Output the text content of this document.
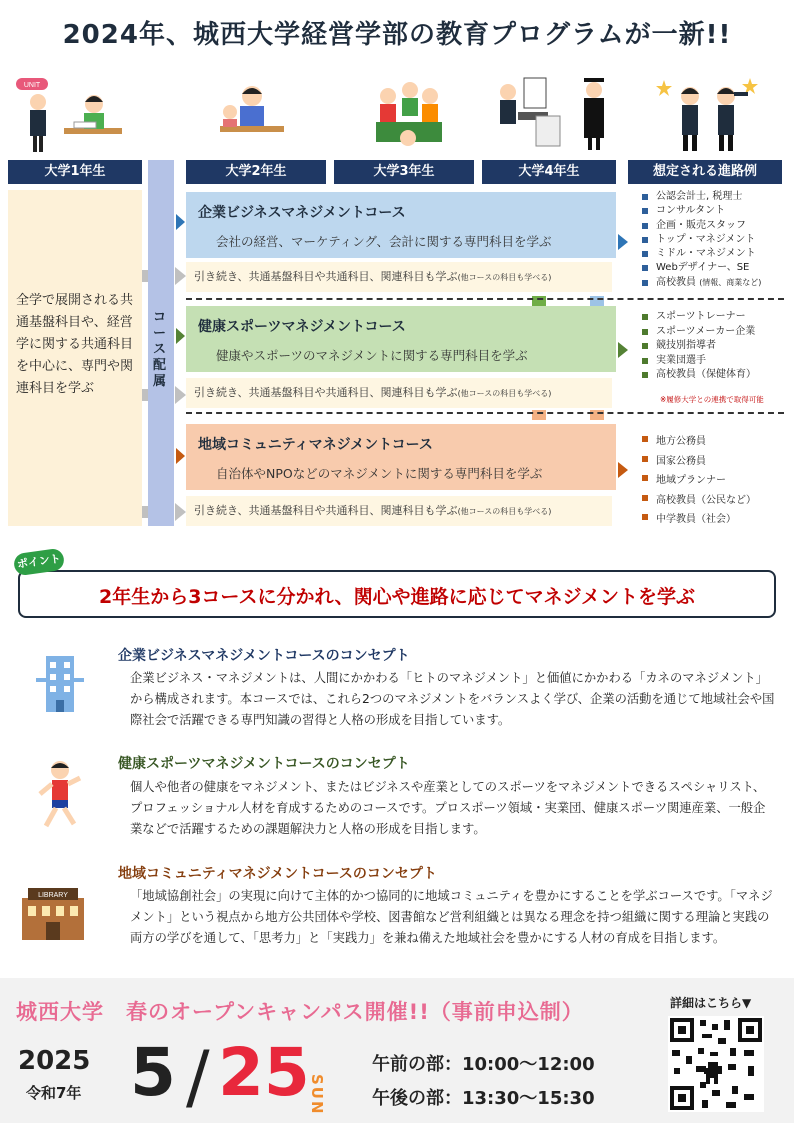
2024年、城西大学経営学部の教育プログラムが一新!!
UNIT
大学1年生	大学2年生	大学3年生	大学4年生	想定される進路例
全学で展開される共通基盤科目や、経営学に関する共通科目を中心に、専門や関連科目を学ぶ
コース配属
企業ビジネスマネジメントコース
会社の経営、マーケティング、会計に関する専門科目を学ぶ
引き続き、共通基盤科目や共通科目、関連科目も学ぶ(他コースの科目も学べる)
健康スポーツマネジメントコース
健康やスポーツのマネジメントに関する専門科目を学ぶ
引き続き、共通基盤科目や共通科目、関連科目も学ぶ(他コースの科目も学べる)
地域コミュニティマネジメントコース
自治体やNPOなどのマネジメントに関する専門科目を学ぶ
引き続き、共通基盤科目や共通科目、関連科目も学ぶ(他コースの科目も学べる)
公認会計士, 税理士
コンサルタント
企画・販売スタッフ
トップ・マネジメント
ミドル・マネジメント
Webデザイナー、SE
高校教員 (情報、商業など)
スポーツトレーナー
スポーツメーカー企業
競技別指導者
実業団選手
高校教員（保健体育）
※履修大学との連携で取得可能
地方公務員
国家公務員
地域プランナー
高校教員（公民など）
中学教員（社会）
2年生から3コースに分かれ、関心や進路に応じてマネジメントを学ぶ
ポイント
企業ビジネスマネジメントコースのコンセプト
企業ビジネス・マネジメントは、人間にかかわる「ヒトのマネジメント」と価値にかかわる「カネのマネジメント」から構成されます。本コースでは、これら2つのマネジメントをバランスよく学び、企業の活動を通じて地域社会や国際社会で活躍できる専門知識の習得と人格の形成を目指しています。
健康スポーツマネジメントコースのコンセプト
個人や他者の健康をマネジメント、またはビジネスや産業としてのスポーツをマネジメントできるスペシャリスト、プロフェッショナル人材を育成するためのコースです。プロスポーツ領域・実業団、健康スポーツ関連産業、一般企業などで活躍するための課題解決力と人格の形成を目指します。
LIBRARY
地域コミュニティマネジメントコースのコンセプト
「地域協創社会」の実現に向けて主体的かつ協同的に地域コミュニティを豊かにすることを学ぶコースです。「マネジメント」という視点から地方公共団体や学校、図書館など営利組織とは異なる理念を持つ組織に関する理論と実践の両方の学びを通して、「思考力」と「実践力」を兼ね備えた地域社会を豊かにする人材の育成を目指します。
城西大学　春のオープンキャンパス開催!!（事前申込制）	詳細はこちら▼
2025
令和7年 5 / 25
SUN
午前の部：10:00〜12:00
午後の部：13:30〜15:30
